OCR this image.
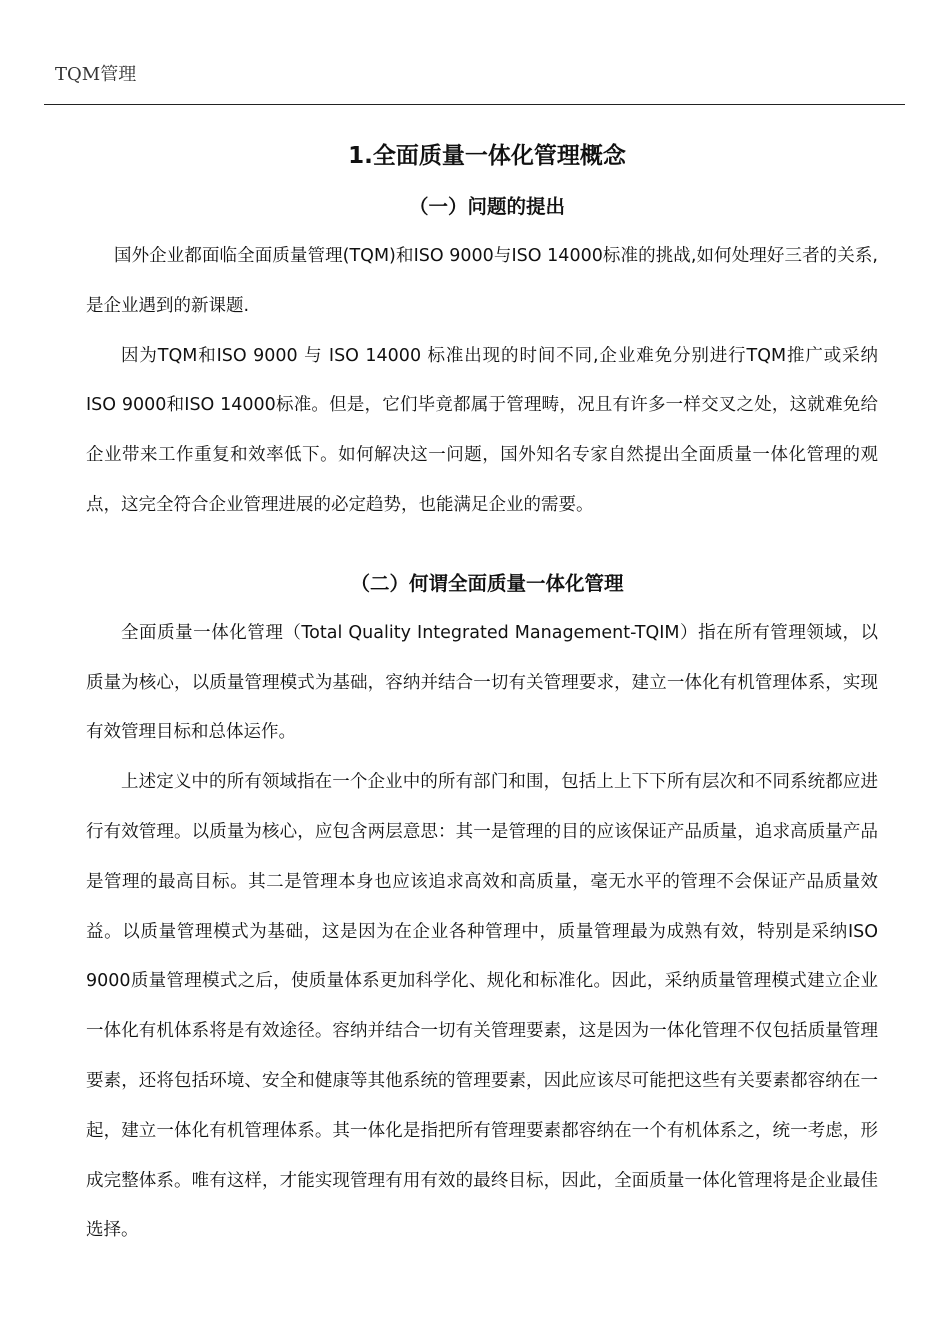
TQM管理
1.全面质量一体化管理概念
（一）问题的提出

国外企业都面临全面质量管理(TQM)和ISO 9000与ISO 14000标准的挑战,如何处理好三者的关系,是企业遇到的新课题.

因为TQM和ISO 9000 与 ISO 14000 标准出现的时间不同,企业难免分别进行TQM推广或采纳ISO 9000和ISO 14000标准。但是，它们毕竟都属于管理畴，况且有许多一样交叉之处，这就难免给企业带来工作重复和效率低下。如何解决这一问题，国外知名专家自然提出全面质量一体化管理的观点，这完全符合企业管理进展的必定趋势，也能满足企业的需要。

（二）何谓全面质量一体化管理

全面质量一体化管理（Total Quality Integrated Management-TQIM）指在所有管理领域，以质量为核心，以质量管理模式为基础，容纳并结合一切有关管理要求，建立一体化有机管理体系，实现有效管理目标和总体运作。

上述定义中的所有领域指在一个企业中的所有部门和围，包括上上下下所有层次和不同系统都应进行有效管理。以质量为核心，应包含两层意思：其一是管理的目的应该保证产品质量，追求高质量产品是管理的最高目标。其二是管理本身也应该追求高效和高质量，毫无水平的管理不会保证产品质量效益。以质量管理模式为基础，这是因为在企业各种管理中，质量管理最为成熟有效，特别是采纳ISO 9000质量管理模式之后，使质量体系更加科学化、规化和标准化。因此，采纳质量管理模式建立企业一体化有机体系将是有效途径。容纳并结合一切有关管理要素，这是因为一体化管理不仅包括质量管理要素，还将包括环境、安全和健康等其他系统的管理要素，因此应该尽可能把这些有关要素都容纳在一起，建立一体化有机管理体系。其一体化是指把所有管理要素都容纳在一个有机体系之，统一考虑，形成完整体系。唯有这样，才能实现管理有用有效的最终目标，因此，全面质量一体化管理将是企业最佳选择。
